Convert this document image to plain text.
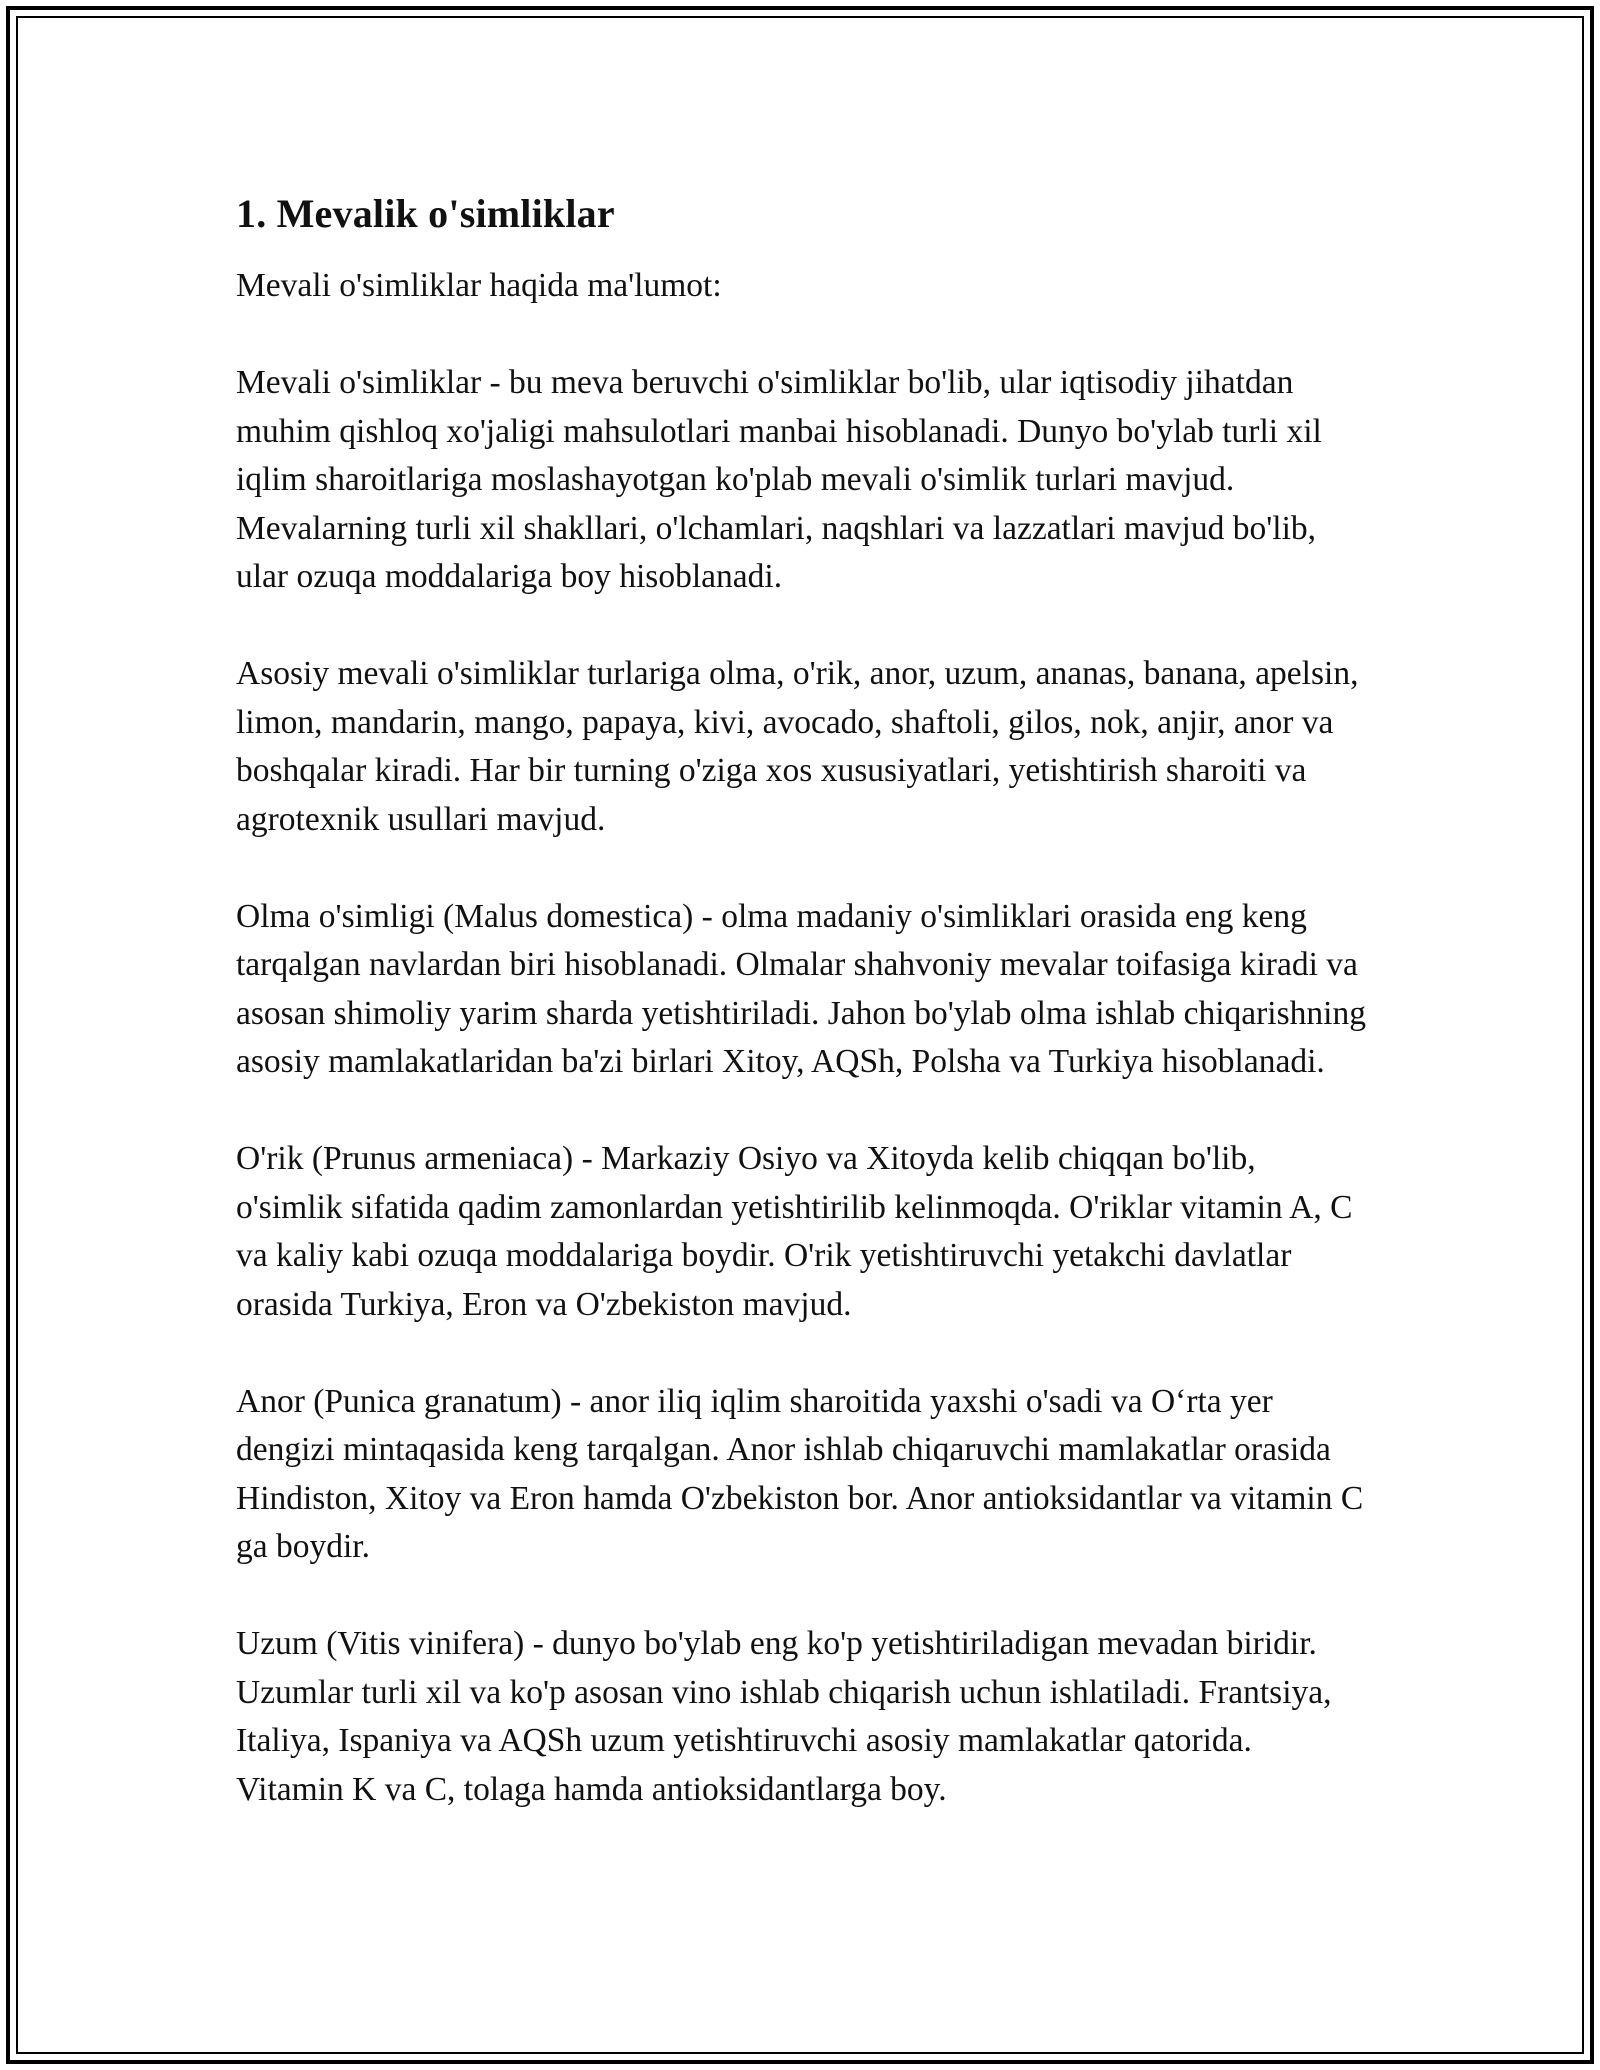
1. Mevalik o'simliklar

Mevali o'simliklar haqida ma'lumot:

Mevali o'simliklar - bu meva beruvchi o'simliklar bo'lib, ular iqtisodiy jihatdan muhim qishloq xo'jaligi mahsulotlari manbai hisoblanadi. Dunyo bo'ylab turli xil iqlim sharoitlariga moslashayotgan ko'plab mevali o'simlik turlari mavjud. Mevalarning turli xil shakllari, o'lchamlari, naqshlari va lazzatlari mavjud bo'lib, ular ozuqa moddalariga boy hisoblanadi.

Asosiy mevali o'simliklar turlariga olma, o'rik, anor, uzum, ananas, banana, apelsin, limon, mandarin, mango, papaya, kivi, avocado, shaftoli, gilos, nok, anjir, anor va boshqalar kiradi. Har bir turning o'ziga xos xususiyatlari, yetishtirish sharoiti va agrotexnik usullari mavjud.

Olma o'simligi (Malus domestica) - olma madaniy o'simliklari orasida eng keng tarqalgan navlardan biri hisoblanadi. Olmalar shahvoniy mevalar toifasiga kiradi va asosan shimoliy yarim sharda yetishtiriladi. Jahon bo'ylab olma ishlab chiqarishning asosiy mamlakatlaridan ba'zi birlari Xitoy, AQSh, Polsha va Turkiya hisoblanadi.

O'rik (Prunus armeniaca) - Markaziy Osiyo va Xitoyda kelib chiqqan bo'lib, o'simlik sifatida qadim zamonlardan yetishtirilib kelinmoqda. O'riklar vitamin A, C va kaliy kabi ozuqa moddalariga boydir. O'rik yetishtiruvchi yetakchi davlatlar orasida Turkiya, Eron va O'zbekiston mavjud.

Anor (Punica granatum) - anor iliq iqlim sharoitida yaxshi o'sadi va O‘rta yer dengizi mintaqasida keng tarqalgan. Anor ishlab chiqaruvchi mamlakatlar orasida Hindiston, Xitoy va Eron hamda O'zbekiston bor. Anor antioksidantlar va vitamin C ga boydir.

Uzum (Vitis vinifera) - dunyo bo'ylab eng ko'p yetishtiriladigan mevadan biridir. Uzumlar turli xil va ko'p asosan vino ishlab chiqarish uchun ishlatiladi. Frantsiya, Italiya, Ispaniya va AQSh uzum yetishtiruvchi asosiy mamlakatlar qatorida. Vitamin K va C, tolaga hamda antioksidantlarga boy.
